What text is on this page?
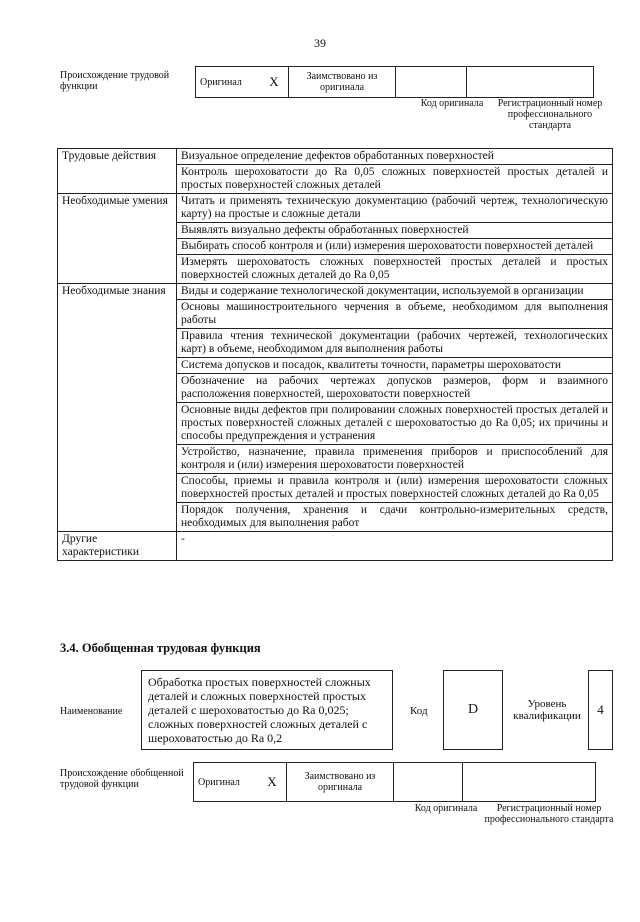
39
Происхождение трудовой функции	Оригинал	X	Заимствовано из оригинала		
Код оригинала	Регистрационный номер профессионального стандарта
Трудовые действия	Визуальное определение дефектов обработанных поверхностей
	Контроль шероховатости до Ra 0,05 сложных поверхностей простых деталей и простых поверхностей сложных деталей
Необходимые умения	Читать и применять техническую документацию (рабочий чертеж, технологическую карту) на простые и сложные детали
	Выявлять визуально дефекты обработанных поверхностей
	Выбирать способ контроля и (или) измерения шероховатости поверхностей деталей
	Измерять шероховатость сложных поверхностей простых деталей и простых поверхностей сложных деталей до Ra 0,05
Необходимые знания	Виды и содержание технологической документации, используемой в организации
	Основы машиностроительного черчения в объеме, необходимом для выполнения работы
	Правила чтения технической документации (рабочих чертежей, технологических карт) в объеме, необходимом для выполнения работы
	Система допусков и посадок, квалитеты точности, параметры шероховатости
	Обозначение на рабочих чертежах допусков размеров, форм и взаимного расположения поверхностей, шероховатости поверхностей
	Основные виды дефектов при полировании сложных поверхностей простых деталей и простых поверхностей сложных деталей с шероховатостью до Ra 0,05; их причины и способы предупреждения и устранения
	Устройство, назначение, правила применения приборов и приспособлений для контроля и (или) измерения шероховатости поверхностей
	Способы, приемы и правила контроля и (или) измерения шероховатости сложных поверхностей простых деталей и простых поверхностей сложных деталей до Ra 0,05
	Порядок получения, хранения и сдачи контрольно-измерительных средств, необходимых для выполнения работ
Другие характеристики	-
3.4. Обобщенная трудовая функция
Наименование
Обработка простых поверхностей сложных деталей и сложных поверхностей простых деталей с шероховатостью до Ra 0,025; сложных поверхностей сложных деталей с шероховатостью до Ra 0,2
Код	D	Уровень квалификации	4
Происхождение обобщенной трудовой функции	Оригинал	X	Заимствовано из оригинала		
Код оригинала	Регистрационный номер профессионального стандарта
